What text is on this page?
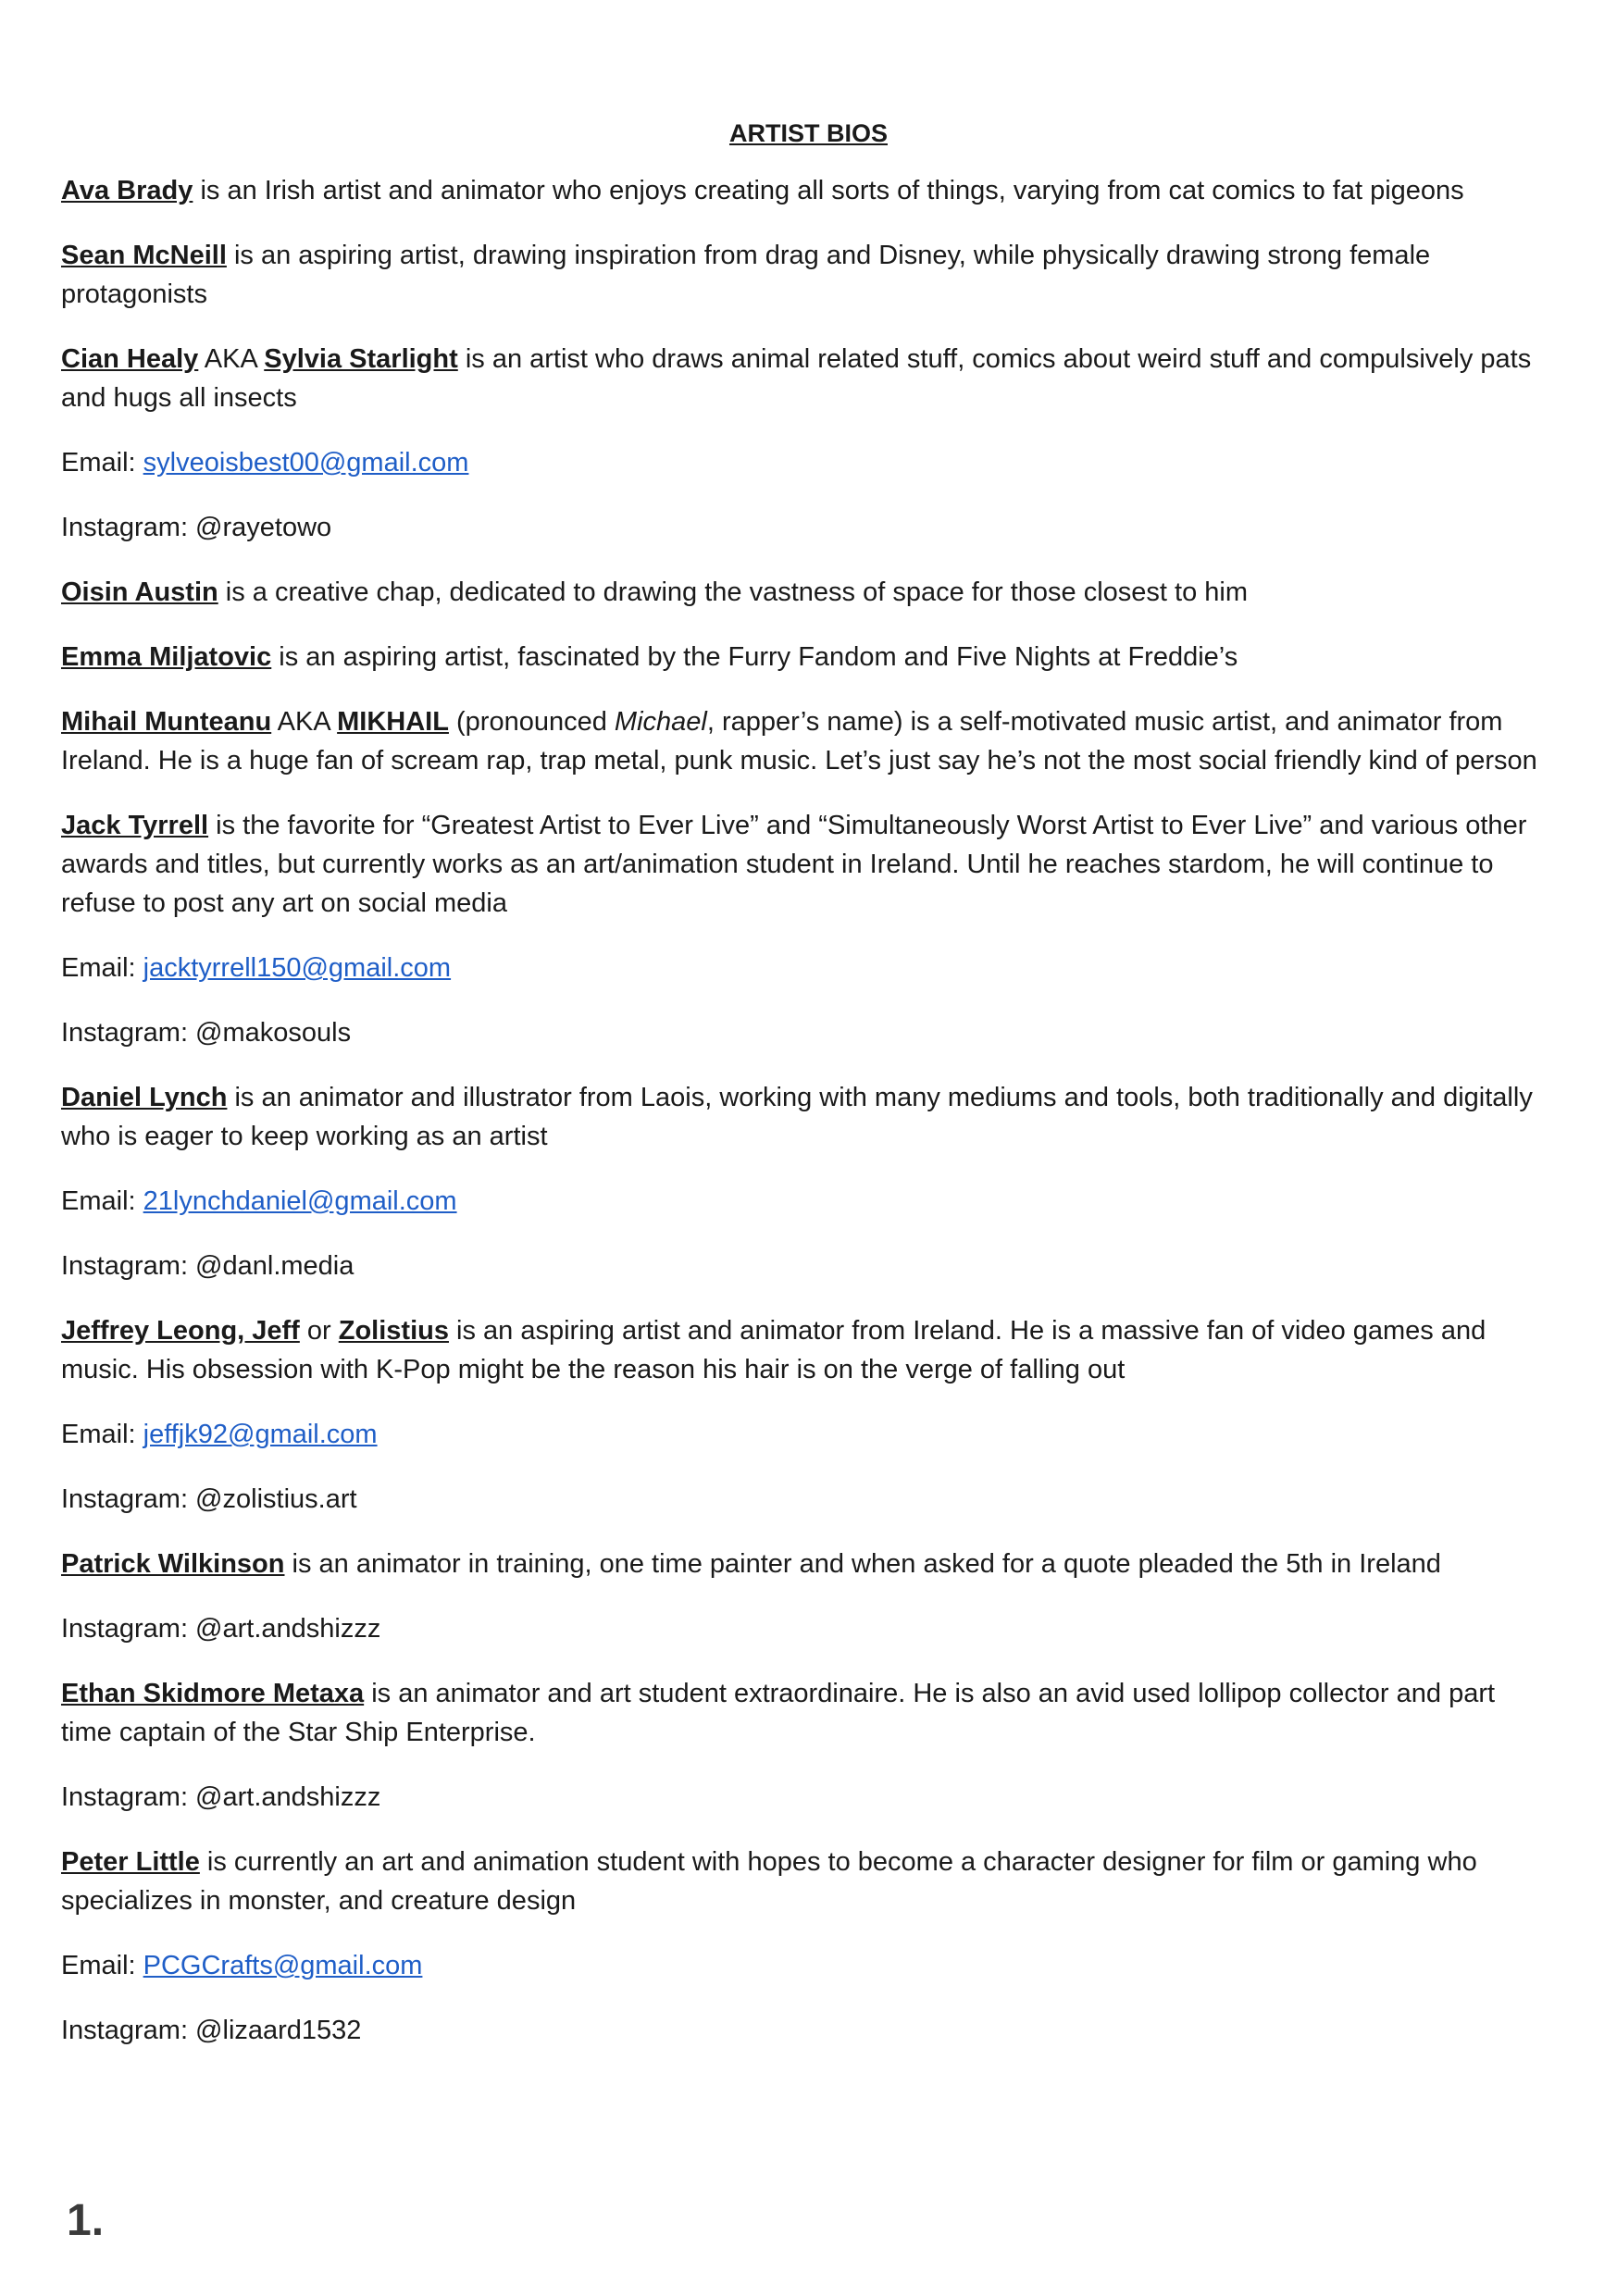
ARTIST BIOS

Ava Brady is an Irish artist and animator who enjoys creating all sorts of things, varying from cat comics to fat pigeons

Sean McNeill is an aspiring artist, drawing inspiration from drag and Disney, while physically drawing strong female protagonists

Cian Healy AKA Sylvia Starlight is an artist who draws animal related stuff, comics about weird stuff and compulsively pats and hugs all insects

Email: sylveoisbest00@gmail.com

Instagram: @rayetowo

Oisin Austin is a creative chap, dedicated to drawing the vastness of space for those closest to him

Emma Miljatovic is an aspiring artist, fascinated by the Furry Fandom and Five Nights at Freddie’s

Mihail Munteanu AKA MIKHAIL (pronounced Michael, rapper’s name) is a self-motivated music artist, and animator from Ireland. He is a huge fan of scream rap, trap metal, punk music. Let’s just say he’s not the most social friendly kind of person

Jack Tyrrell is the favorite for “Greatest Artist to Ever Live” and “Simultaneously Worst Artist to Ever Live” and various other awards and titles, but currently works as an art/animation student in Ireland. Until he reaches stardom, he will continue to refuse to post any art on social media

Email: jacktyrrell150@gmail.com

Instagram: @makosouls

Daniel Lynch is an animator and illustrator from Laois, working with many mediums and tools, both traditionally and digitally who is eager to keep working as an artist

Email: 21lynchdaniel@gmail.com

Instagram: @danl.media

Jeffrey Leong, Jeff or Zolistius is an aspiring artist and animator from Ireland. He is a massive fan of video games and music. His obsession with K-Pop might be the reason his hair is on the verge of falling out

Email: jeffjk92@gmail.com

Instagram: @zolistius.art

Patrick Wilkinson is an animator in training, one time painter and when asked for a quote pleaded the 5th in Ireland

Instagram: @art.andshizzz

Ethan Skidmore Metaxa is an animator and art student extraordinaire. He is also an avid used lollipop collector and part time captain of the Star Ship Enterprise.

Instagram: @art.andshizzz

Peter Little is currently an art and animation student with hopes to become a character designer for film or gaming who specializes in monster, and creature design

Email: PCGCrafts@gmail.com

Instagram: @lizaard1532

1.
